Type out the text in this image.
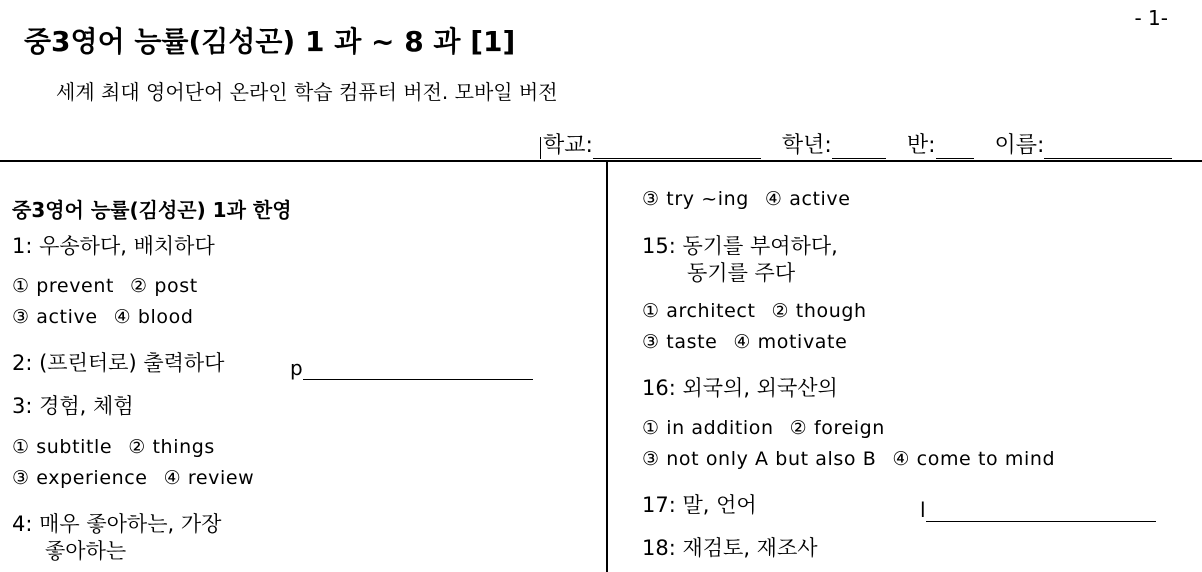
- 1-
중3영어 능률(김성곤) 1 과 ~ 8 과 [1]
세계 최대 영어단어 온라인 학습 컴퓨터 버전. 모바일 버전
학교:	학년:	반:	이름:
중3영어 능률(김성곤) 1과 한영
1: 우송하다, 배치하다
① prevent ② post
③ active ④ blood
2: (프린터로) 출력하다	p
3: 경험, 체험
① subtitle ② things
③ experience ④ review
4: 매우 좋아하는, 가장
좋아하는
③ try ~ing ④ active
15: 동기를 부여하다,
동기를 주다
① architect ② though
③ taste ④ motivate
16: 외국의, 외국산의
① in addition ② foreign
③ not only A but also B ④ come to mind
17: 말, 언어	l
18: 재검토, 재조사
